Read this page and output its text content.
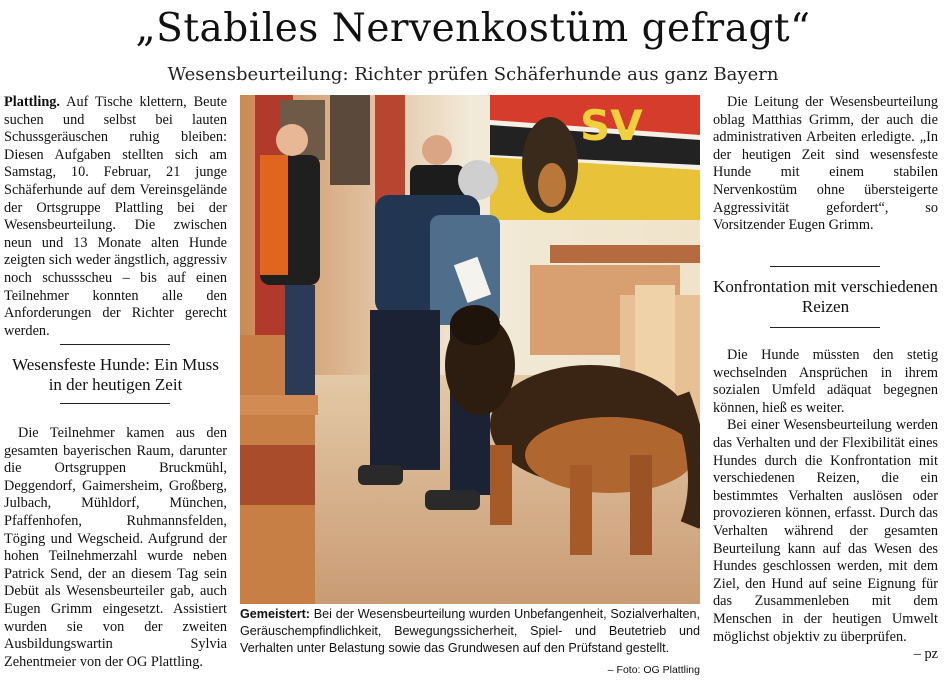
„Stabiles Nervenkostüm gefragt“
Wesensbeurteilung: Richter prüfen Schäferhunde aus ganz Bayern

Plattling. Auf Tische klettern, Beute suchen und selbst bei lauten Schussgeräuschen ruhig bleiben: Diesen Aufgaben stellten sich am Samstag, 10. Februar, 21 junge Schäferhunde auf dem Vereinsgelände der Ortsgruppe Plattling bei der Wesensbeurteilung. Die zwischen neun und 13 Monate alten Hunde zeigten sich weder ängstlich, aggressiv noch schussscheu – bis auf einen Teilnehmer konnten alle den Anforderungen der Richter gerecht werden.

Wesensfeste Hunde: Ein Muss in der heutigen Zeit

Die Teilnehmer kamen aus den gesamten bayerischen Raum, darunter die Ortsgruppen Bruckmühl, Deggendorf, Gaimersheim, Großberg, Julbach, Mühldorf, München, Pfaffenhofen, Ruhmannsfelden, Töging und Wegscheid. Aufgrund der hohen Teilnehmerzahl wurde neben Patrick Send, der an diesem Tag sein Debüt als Wesensbeurteiler gab, auch Eugen Grimm eingesetzt. Assistiert wurden sie von der zweiten Ausbildungswartin Sylvia Zehentmeier von der OG Plattling.

SV
Gemeistert: Bei der Wesensbeurteilung wurden Unbefangenheit, Sozialverhalten, Geräuschempfindlichkeit, Bewegungssicherheit, Spiel- und Beutetrieb und Verhalten unter Belastung sowie das Grundwesen auf den Prüfstand gestellt.
– Foto: OG Plattling

Die Leitung der Wesensbeurteilung oblag Matthias Grimm, der auch die administrativen Arbeiten erledigte. „In der heutigen Zeit sind wesensfeste Hunde mit einem stabilen Nervenkostüm ohne übersteigerte Aggressivität gefordert“, so Vorsitzender Eugen Grimm.

Konfrontation mit verschiedenen Reizen

Die Hunde müssten den stetig wechselnden Ansprüchen in ihrem sozialen Umfeld adäquat begegnen können, hieß es weiter.

Bei einer Wesensbeurteilung werden das Verhalten und der Flexibilität eines Hundes durch die Konfrontation mit verschiedenen Reizen, die ein bestimmtes Verhalten auslösen oder provozieren können, erfasst. Durch das Verhalten während der gesamten Beurteilung kann auf das Wesen des Hundes geschlossen werden, mit dem Ziel, den Hund auf seine Eignung für das Zusammenleben mit dem Menschen in der heutigen Umwelt möglichst objektiv zu überprüfen.
– pz
